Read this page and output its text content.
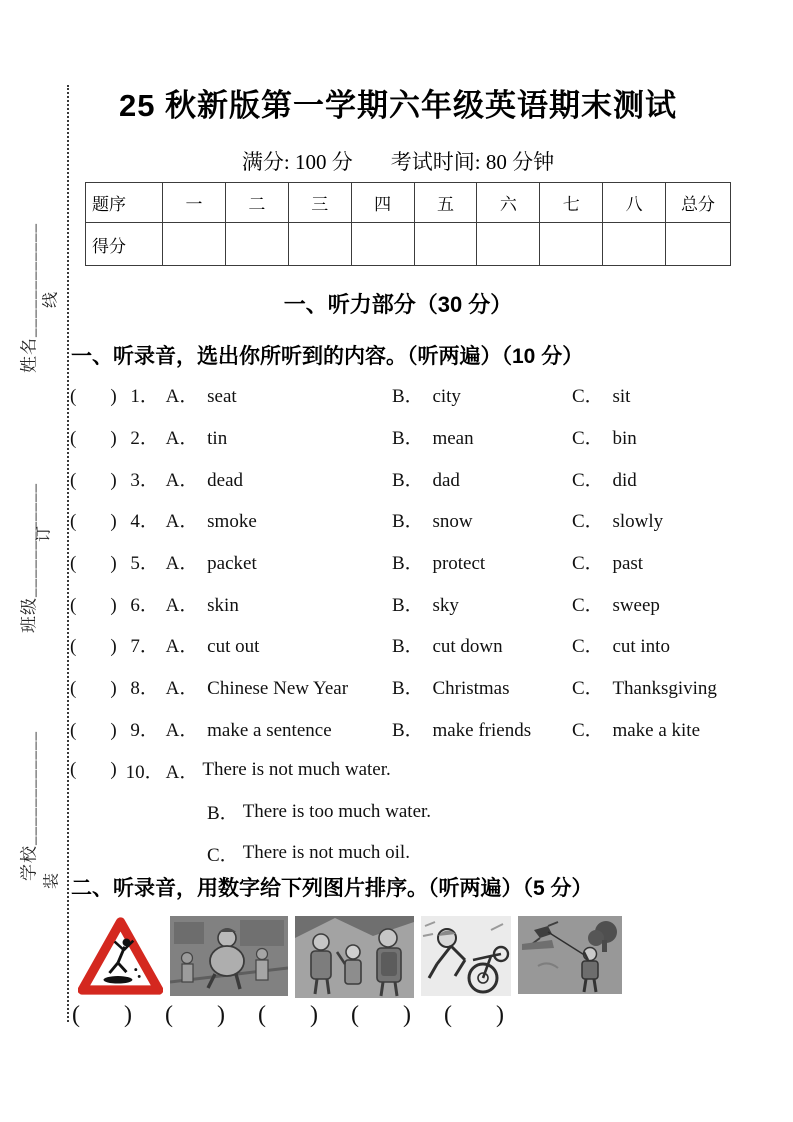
姓名____________
班级____________
学校____________
线
订
装
25 秋新版第一学期六年级英语期末测试
满分: 100 分 考试时间: 80 分钟
题序	一	二	三	四	五	六	七	八	总分
得分									
一、听力部分（30 分）
一、听录音，选出你所听到的内容。（听两遍）（10 分）
( ) 1． A． seat	B． city	C． sit
( ) 2． A． tin	B． mean	C． bin
( ) 3． A． dead	B． dad	C． did
( ) 4． A． smoke	B． snow	C． slowly
( ) 5． A． packet	B． protect	C． past
( ) 6． A． skin	B． sky	C． sweep
( ) 7． A． cut out	B． cut down	C． cut into
( ) 8． A． Chinese New Year	B． Christmas	C． Thanksgiving
( ) 9． A． make a sentence	B． make friends	C． make a kite
( ) 10． A． There is not much water.
B． There is too much water.
C． There is not much oil.
二、听录音，用数字给下列图片排序。（听两遍）（5 分）
( ) ( ) ( ) ( ) ( )
